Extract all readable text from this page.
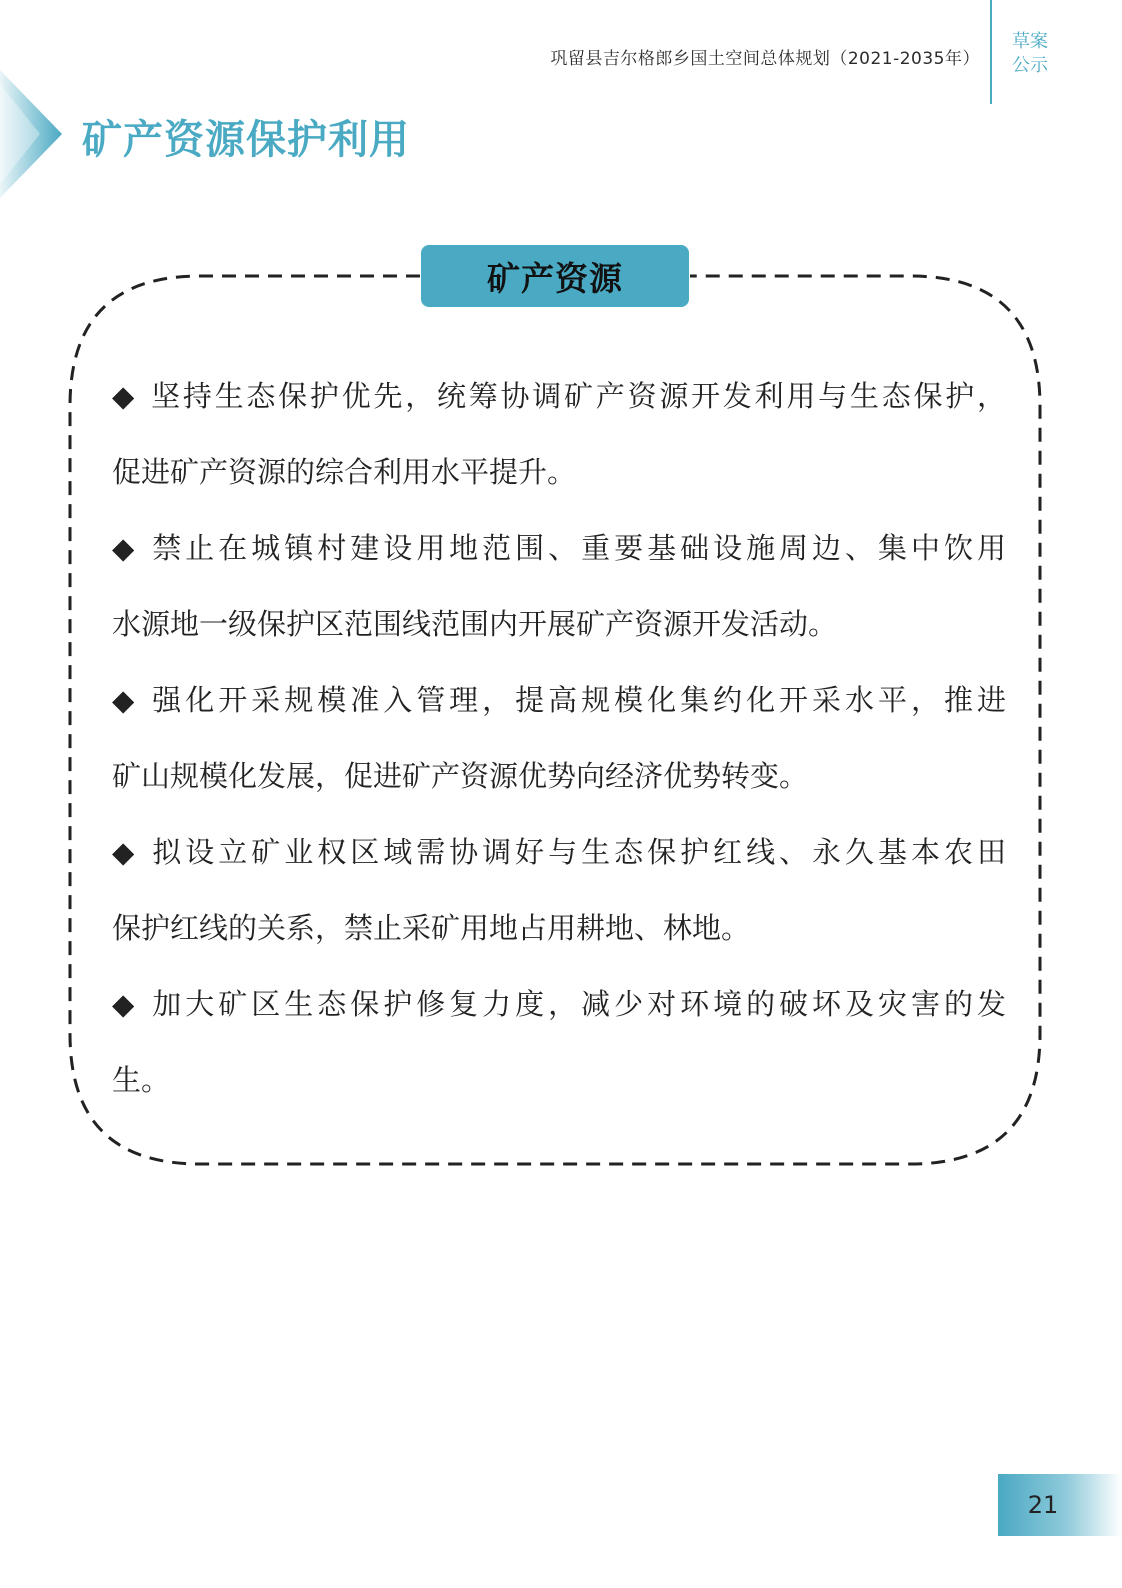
巩留县吉尔格郎乡国土空间总体规划（2021-2035年）
草案
公示
矿产资源保护利用
矿产资源
◆ 坚持生态保护优先，统筹协调矿产资源开发利用与生态保护，
促进矿产资源的综合利用水平提升。
◆ 禁止在城镇村建设用地范围、重要基础设施周边、集中饮用
水源地一级保护区范围线范围内开展矿产资源开发活动。
◆ 强化开采规模准入管理，提高规模化集约化开采水平，推进
矿山规模化发展，促进矿产资源优势向经济优势转变。
◆ 拟设立矿业权区域需协调好与生态保护红线、永久基本农田
保护红线的关系，禁止采矿用地占用耕地、林地。
◆ 加大矿区生态保护修复力度，减少对环境的破坏及灾害的发
生。
21
